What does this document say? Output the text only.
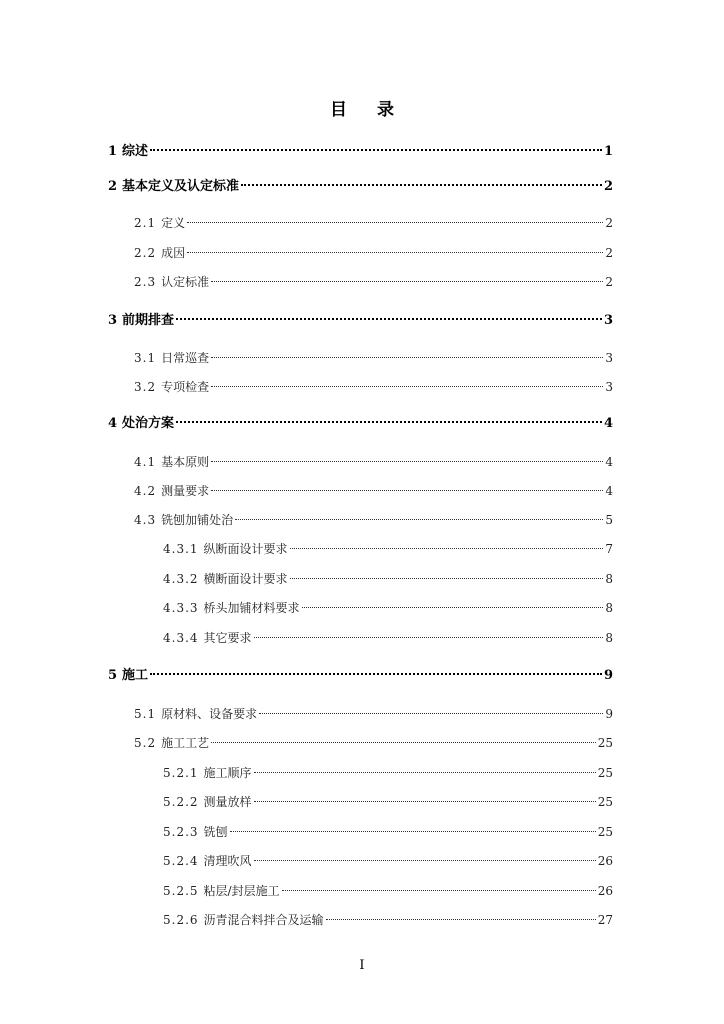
目 录
1 综述	1
2 基本定义及认定标准	2
2.1 定义	2
2.2 成因	2
2.3 认定标准	2
3 前期排查	3
3.1 日常巡查	3
3.2 专项检查	3
4 处治方案	4
4.1 基本原则	4
4.2 测量要求	4
4.3 铣刨加铺处治	5
4.3.1 纵断面设计要求	7
4.3.2 横断面设计要求	8
4.3.3 桥头加铺材料要求	8
4.3.4 其它要求	8
5 施工	9
5.1 原材料、设备要求	9
5.2 施工工艺	25
5.2.1 施工顺序	25
5.2.2 测量放样	25
5.2.3 铣刨	25
5.2.4 清理吹风	26
5.2.5 粘层/封层施工	26
5.2.6 沥青混合料拌合及运输	27
I
